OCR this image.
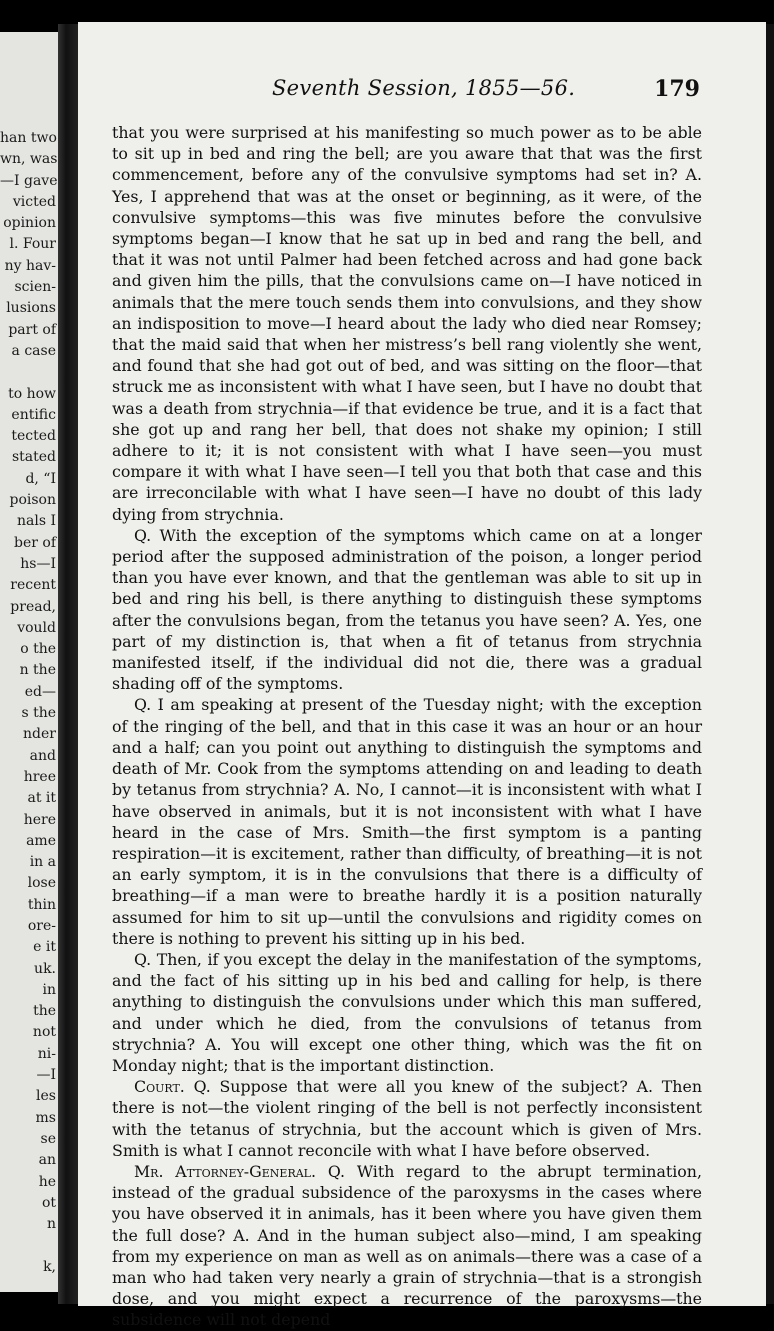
han two
wn, was
—I gave
victed
opinion
l. Four
ny hav-
scien-
lusions
part of
a case
to how
entific
tected
stated
d, “I
poison
nals I
ber of
hs—I
recent
pread,
vould
o the
n the
ed—
s the
nder
and
hree
at it
here
ame
in a
lose
thin
ore-
e it
uk.
in
the
not
ni-
—I
les
ms
se
an
he
ot
n
k,
Seventh Session, 1855—56.	179

that you were surprised at his manifesting so much power as to be able to sit up in bed and ring the bell; are you aware that that was the first commencement, before any of the convulsive symptoms had set in? A. Yes, I apprehend that was at the onset or beginning, as it were, of the convulsive symptoms—this was five minutes before the convulsive symptoms began—I know that he sat up in bed and rang the bell, and that it was not until Palmer had been fetched across and had gone back and given him the pills, that the convulsions came on—I have noticed in animals that the mere touch sends them into convulsions, and they show an indisposition to move—I heard about the lady who died near Romsey; that the maid said that when her mistress’s bell rang violently she went, and found that she had got out of bed, and was sitting on the floor—that struck me as inconsistent with what I have seen, but I have no doubt that was a death from strychnia—if that evidence be true, and it is a fact that she got up and rang her bell, that does not shake my opinion; I still adhere to it; it is not consistent with what I have seen—you must compare it with what I have seen—I tell you that both that case and this are irreconcilable with what I have seen—I have no doubt of this lady dying from strychnia.

Q. With the exception of the symptoms which came on at a longer period after the supposed administration of the poison, a longer period than you have ever known, and that the gentleman was able to sit up in bed and ring his bell, is there anything to distinguish these symptoms after the convulsions began, from the tetanus you have seen? A. Yes, one part of my distinction is, that when a fit of tetanus from strychnia manifested itself, if the individual did not die, there was a gradual shading off of the symptoms.

Q. I am speaking at present of the Tuesday night; with the exception of the ringing of the bell, and that in this case it was an hour or an hour and a half; can you point out anything to distinguish the symptoms and death of Mr. Cook from the symptoms attending on and leading to death by tetanus from strychnia? A. No, I cannot—it is inconsistent with what I have observed in animals, but it is not inconsistent with what I have heard in the case of Mrs. Smith—the first symptom is a panting respiration—it is excitement, rather than difficulty, of breathing—it is not an early symptom, it is in the convulsions that there is a difficulty of breathing—if a man were to breathe hardly it is a position naturally assumed for him to sit up—until the convulsions and rigidity comes on there is nothing to prevent his sitting up in his bed.

Q. Then, if you except the delay in the manifestation of the symptoms, and the fact of his sitting up in his bed and calling for help, is there anything to distinguish the convulsions under which this man suffered, and under which he died, from the convulsions of tetanus from strychnia? A. You will except one other thing, which was the fit on Monday night; that is the important distinction.

Court. Q. Suppose that were all you knew of the subject? A. Then there is not—the violent ringing of the bell is not perfectly inconsistent with the tetanus of strychnia, but the account which is given of Mrs. Smith is what I cannot reconcile with what I have before observed.

Mr. Attorney-General. Q. With regard to the abrupt termination, instead of the gradual subsidence of the paroxysms in the cases where you have observed it in animals, has it been where you have given them the full dose? A. And in the human subject also—mind, I am speaking from my experience on man as well as on animals—there was a case of a man who had taken very nearly a grain of strychnia—that is a strongish dose, and you might expect a recurrence of the paroxysms—the subsidence will not depend
